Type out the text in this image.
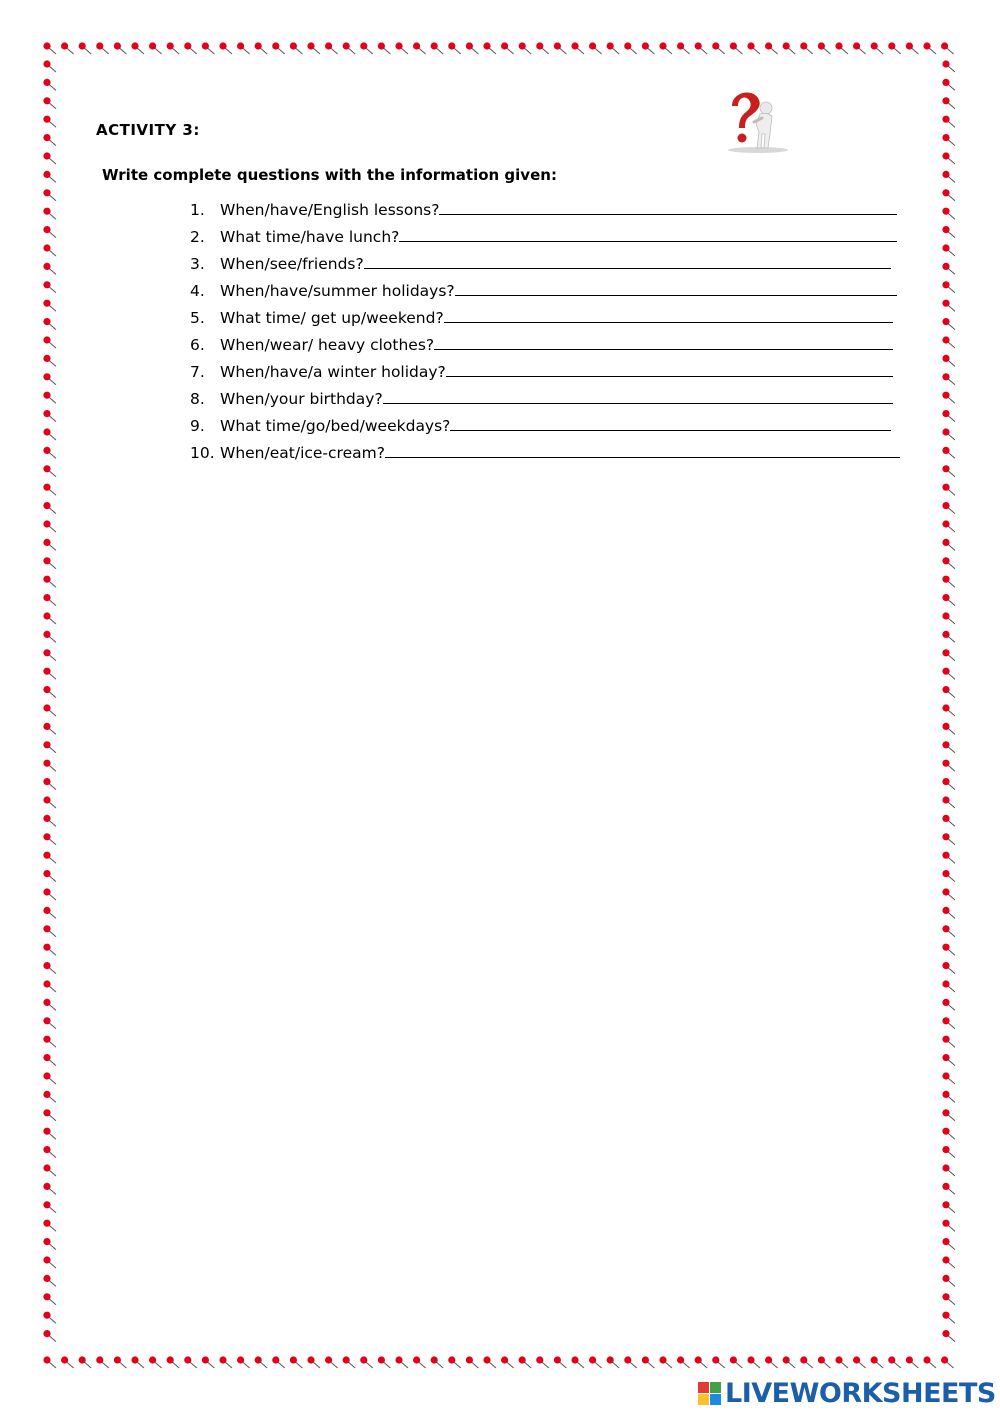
ACTIVITY 3:
Write complete questions with the information given:
1. When/have/English lessons?
2. What time/have lunch?
3. When/see/friends?
4. When/have/summer holidays?
5. What time/ get up/weekend?
6. When/wear/ heavy clothes?
7. When/have/a winter holiday?
8. When/your birthday?
9. What time/go/bed/weekdays?
10. When/eat/ice-cream?
LIVEWORKSHEETS
